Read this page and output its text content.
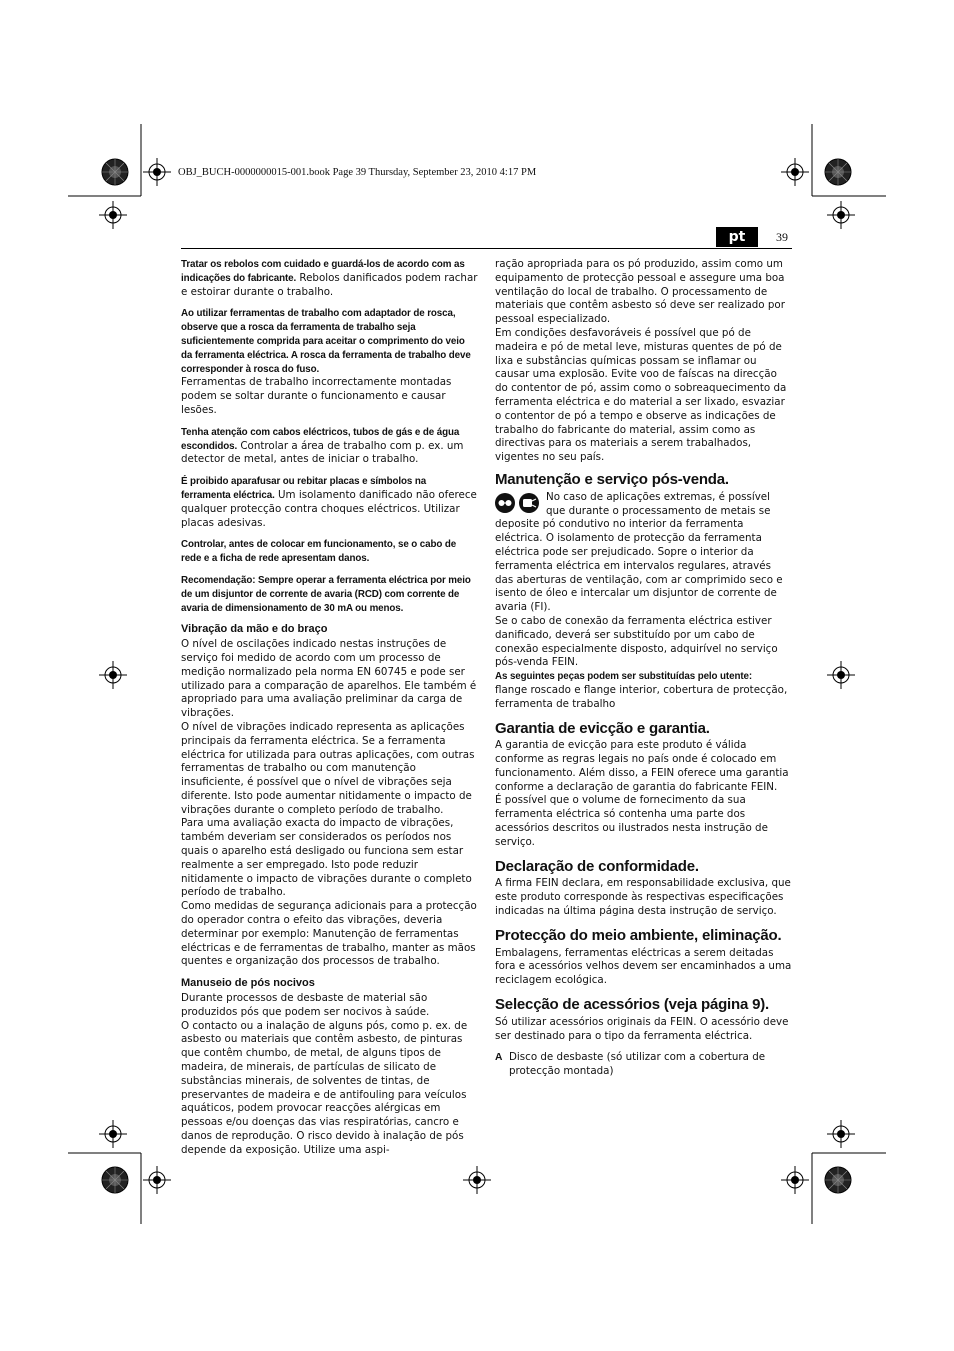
OBJ_BUCH-0000000015-001.book Page 39 Thursday, September 23, 2010 4:17 PM
pt	39

Tratar os rebolos com cuidado e guardá-los de acordo com as indicações do fabricante. Rebolos danificados podem rachar e estoirar durante o trabalho.

Ao utilizar ferramentas de trabalho com adaptador de rosca, observe que a rosca da ferramenta de trabalho seja suficientemente comprida para aceitar o comprimento do veio da ferramenta eléctrica. A rosca da ferramenta de trabalho deve corresponder à rosca do fuso.
Ferramentas de trabalho incorrectamente montadas podem se soltar durante o funcionamento e causar lesões.

Tenha atenção com cabos eléctricos, tubos de gás e de água escondidos. Controlar a área de trabalho com p. ex. um detector de metal, antes de iniciar o trabalho.

É proibido aparafusar ou rebitar placas e símbolos na ferramenta eléctrica. Um isolamento danificado não oferece qualquer protecção contra choques eléctricos. Utilizar placas adesivas.

Controlar, antes de colocar em funcionamento, se o cabo de rede e a ficha de rede apresentam danos.

Recomendação: Sempre operar a ferramenta eléctrica por meio de um disjuntor de corrente de avaria (RCD) com corrente de avaria de dimensionamento de 30 mA ou menos.

Vibração da mão e do braço

O nível de oscilações indicado nestas instruções de serviço foi medido de acordo com um processo de medição normalizado pela norma EN 60745 e pode ser utilizado para a comparação de aparelhos. Ele também é apropriado para uma avaliação preliminar da carga de vibrações.

O nível de vibrações indicado representa as aplicações principais da ferramenta eléctrica. Se a ferramenta eléctrica for utilizada para outras aplicações, com outras ferramentas de trabalho ou com manutenção insuficiente, é possível que o nível de vibrações seja diferente. Isto pode aumentar nitidamente o impacto de vibrações durante o completo período de trabalho.

Para uma avaliação exacta do impacto de vibrações, também deveriam ser considerados os períodos nos quais o aparelho está desligado ou funciona sem estar realmente a ser empregado. Isto pode reduzir nitidamente o impacto de vibrações durante o completo período de trabalho.

Como medidas de segurança adicionais para a protecção do operador contra o efeito das vibrações, deveria determinar por exemplo: Manutenção de ferramentas eléctricas e de ferramentas de trabalho, manter as mãos quentes e organização dos processos de trabalho.

Manuseio de pós nocivos

Durante processos de desbaste de material são produzidos pós que podem ser nocivos à saúde.

O contacto ou a inalação de alguns pós, como p. ex. de asbesto ou materiais que contêm asbesto, de pinturas que contêm chumbo, de metal, de alguns tipos de madeira, de minerais, de partículas de silicato de substâncias minerais, de solventes de tintas, de preservantes de madeira e de antifouling para veículos aquáticos, podem provocar reacções alérgicas em pessoas e/ou doenças das vias respiratórias, cancro e danos de reprodução. O risco devido à inalação de pós depende da exposição. Utilize uma aspi-

ração apropriada para os pó produzido, assim como um equipamento de protecção pessoal e assegure uma boa ventilação do local de trabalho. O processamento de materiais que contêm asbesto só deve ser realizado por pessoal especializado.

Em condições desfavoráveis é possível que pó de madeira e pó de metal leve, misturas quentes de pó de lixa e substâncias químicas possam se inflamar ou causar uma explosão. Evite voo de faíscas na direcção do contentor de pó, assim como o sobreaquecimento da ferramenta eléctrica e do material a ser lixado, esvaziar o contentor de pó a tempo e observe as indicações de trabalho do fabricante do material, assim como as directivas para os materiais a serem trabalhados, vigentes no seu país.

Manutenção e serviço pós-venda.

No caso de aplicações extremas, é possível que durante o processamento de metais se deposite pó condutivo no interior da ferramenta eléctrica. O isolamento de protecção da ferramenta eléctrica pode ser prejudicado. Sopre o interior da ferramenta eléctrica em intervalos regulares, através das aberturas de ventilação, com ar comprimido seco e isento de óleo e intercalar um disjuntor de corrente de avaria (FI).

Se o cabo de conexão da ferramenta eléctrica estiver danificado, deverá ser substituído por um cabo de conexão especialmente disposto, adquirível no serviço pós-venda FEIN.

As seguintes peças podem ser substituídas pelo utente:
flange roscado e flange interior, cobertura de protecção, ferramenta de trabalho

Garantia de evicção e garantia.

A garantia de evicção para este produto é válida conforme as regras legais no país onde é colocado em funcionamento. Além disso, a FEIN oferece uma garantia conforme a declaração de garantia do fabricante FEIN.

É possível que o volume de fornecimento da sua ferramenta eléctrica só contenha uma parte dos acessórios descritos ou ilustrados nesta instrução de serviço.

Declaração de conformidade.

A firma FEIN declara, em responsabilidade exclusiva, que este produto corresponde às respectivas especificações indicadas na última página desta instrução de serviço.

Protecção do meio ambiente, eliminação.

Embalagens, ferramentas eléctricas a serem deitadas fora e acessórios velhos devem ser encaminhados a uma reciclagem ecológica.

Selecção de acessórios (veja página 9).

Só utilizar acessórios originais da FEIN. O acessório deve ser destinado para o tipo da ferramenta eléctrica.

A Disco de desbaste (só utilizar com a cobertura de protecção montada)
